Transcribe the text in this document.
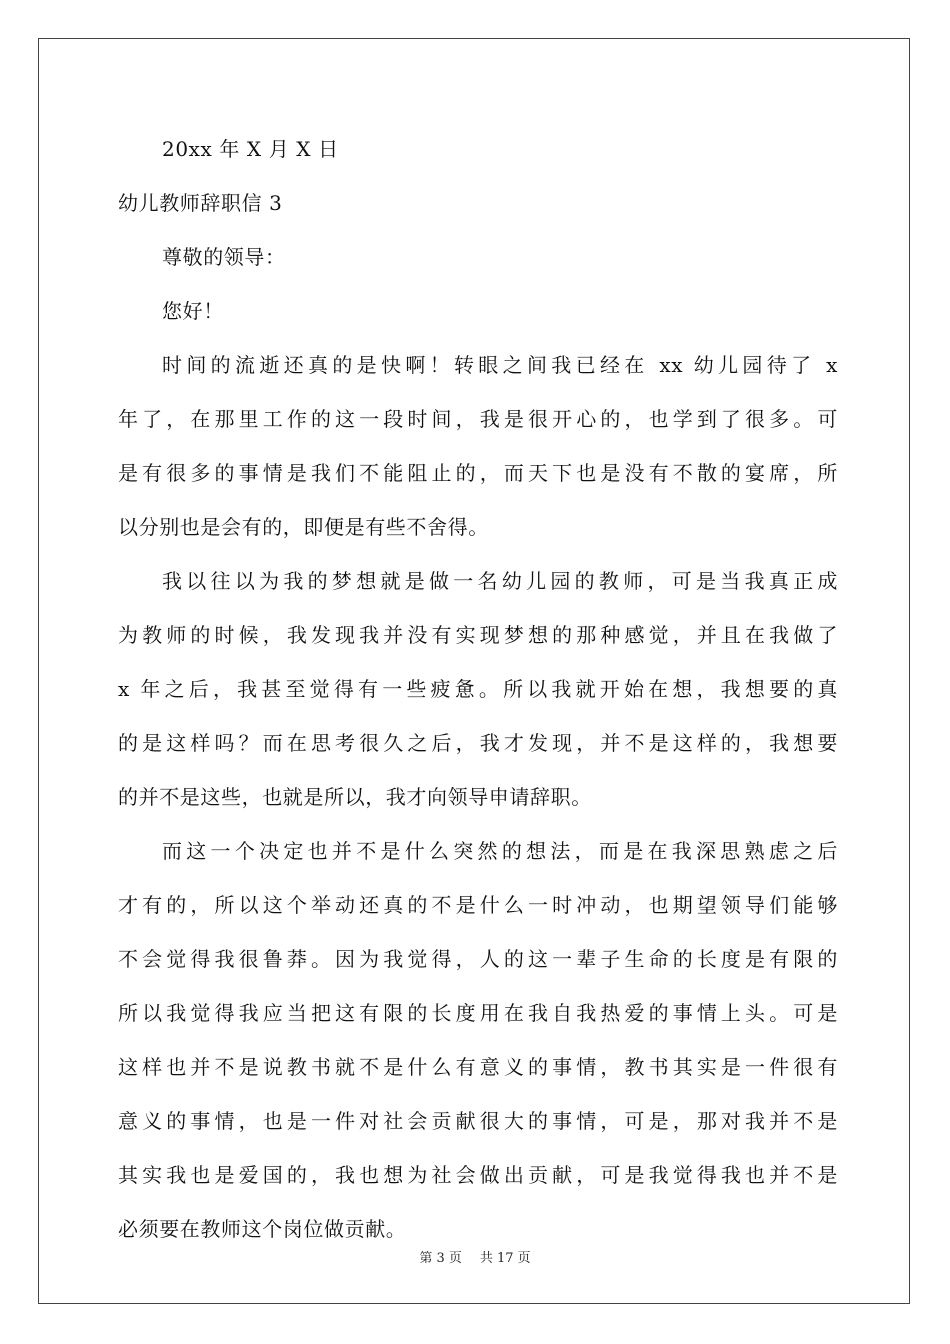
20xx 年 X 月 X 日
幼儿教师辞职信 3
尊敬的领导：
您好！
时间的流逝还真的是快啊！转眼之间我已经在 xx 幼儿园待了 x
年了，在那里工作的这一段时间，我是很开心的，也学到了很多。可
是有很多的事情是我们不能阻止的，而天下也是没有不散的宴席，所
以分别也是会有的，即便是有些不舍得。
我以往以为我的梦想就是做一名幼儿园的教师，可是当我真正成
为教师的时候，我发现我并没有实现梦想的那种感觉，并且在我做了
x 年之后，我甚至觉得有一些疲惫。所以我就开始在想，我想要的真
的是这样吗？而在思考很久之后，我才发现，并不是这样的，我想要
的并不是这些，也就是所以，我才向领导申请辞职。
而这一个决定也并不是什么突然的想法，而是在我深思熟虑之后
才有的，所以这个举动还真的不是什么一时冲动，也期望领导们能够
不会觉得我很鲁莽。因为我觉得，人的这一辈子生命的长度是有限的
所以我觉得我应当把这有限的长度用在我自我热爱的事情上头。可是
这样也并不是说教书就不是什么有意义的事情，教书其实是一件很有
意义的事情，也是一件对社会贡献很大的事情，可是，那对我并不是
其实我也是爱国的，我也想为社会做出贡献，可是我觉得我也并不是
必须要在教师这个岗位做贡献。
第 3 页 共 17 页
